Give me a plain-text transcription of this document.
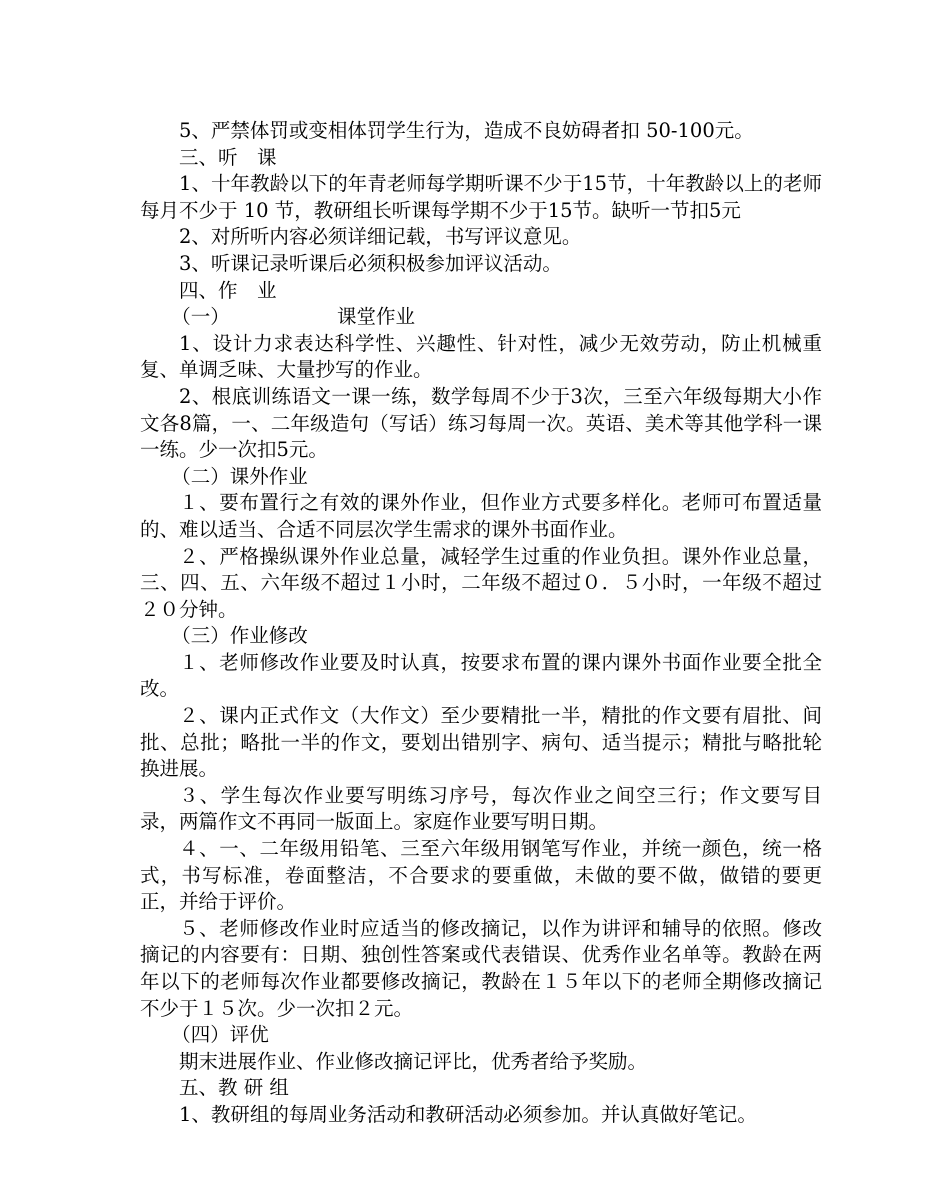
5、严禁体罚或变相体罚学生行为，造成不良妨碍者扣 50-100元。

三、听　课

1、十年教龄以下的年青老师每学期听课不少于15节，十年教龄以上的老师每月不少于 10 节，教研组长听课每学期不少于15节。缺听一节扣5元

2、对所听内容必须详细记载，书写评议意见。

3、听课记录听课后必须积极参加评议活动。

四、作　业

（一）　　　　　　课堂作业

1、设计力求表达科学性、兴趣性、针对性，减少无效劳动，防止机械重复、单调乏味、大量抄写的作业。

2、根底训练语文一课一练，数学每周不少于3次，三至六年级每期大小作文各8篇，一、二年级造句（写话）练习每周一次。英语、美术等其他学科一课一练。少一次扣5元。

（二）课外作业

１、要布置行之有效的课外作业，但作业方式要多样化。老师可布置适量的、难以适当、合适不同层次学生需求的课外书面作业。

２、严格操纵课外作业总量，减轻学生过重的作业负担。课外作业总量，三、四、五、六年级不超过１小时，二年级不超过０．５小时，一年级不超过２０分钟。

（三）作业修改

１、老师修改作业要及时认真，按要求布置的课内课外书面作业要全批全改。

２、课内正式作文（大作文）至少要精批一半，精批的作文要有眉批、间批、总批；略批一半的作文，要划出错别字、病句、适当提示；精批与略批轮换进展。

３、学生每次作业要写明练习序号，每次作业之间空三行；作文要写目录，两篇作文不再同一版面上。家庭作业要写明日期。

４、一、二年级用铅笔、三至六年级用钢笔写作业，并统一颜色，统一格式，书写标准，卷面整洁，不合要求的要重做，未做的要不做，做错的要更正，并给于评价。

５、老师修改作业时应适当的修改摘记，以作为讲评和辅导的依照。修改摘记的内容要有：日期、独创性答案或代表错误、优秀作业名单等。教龄在两年以下的老师每次作业都要修改摘记，教龄在１５年以下的老师全期修改摘记不少于１５次。少一次扣２元。

（四）评优

期末进展作业、作业修改摘记评比，优秀者给予奖励。

五、教 研 组

1、教研组的每周业务活动和教研活动必须参加。并认真做好笔记。
